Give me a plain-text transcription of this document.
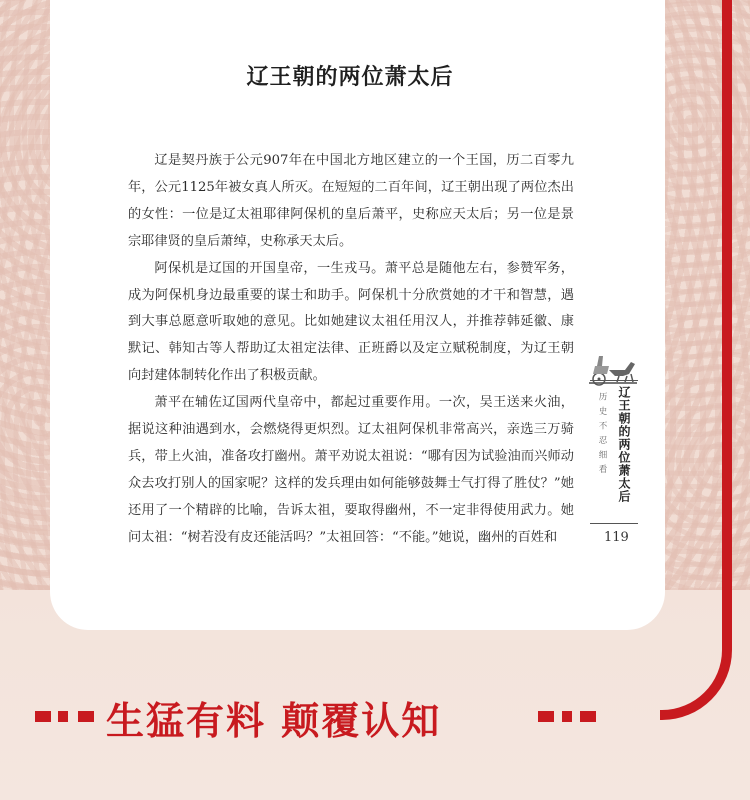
辽王朝的两位萧太后

辽是契丹族于公元907年在中国北方地区建立的一个王国，历二百零九年，公元1125年被女真人所灭。在短短的二百年间，辽王朝出现了两位杰出的女性：一位是辽太祖耶律阿保机的皇后萧平，史称应天太后；另一位是景宗耶律贤的皇后萧绰，史称承天太后。

阿保机是辽国的开国皇帝，一生戎马。萧平总是随他左右，参赞军务，成为阿保机身边最重要的谋士和助手。阿保机十分欣赏她的才干和智慧，遇到大事总愿意听取她的意见。比如她建议太祖任用汉人，并推荐韩延徽、康默记、韩知古等人帮助辽太祖定法律、正班爵以及定立赋税制度，为辽王朝向封建体制转化作出了积极贡献。

萧平在辅佐辽国两代皇帝中，都起过重要作用。一次，吴王送来火油，据说这种油遇到水，会燃烧得更炽烈。辽太祖阿保机非常高兴，亲选三万骑兵，带上火油，准备攻打幽州。萧平劝说太祖说：“哪有因为试验油而兴师动众去攻打别人的国家呢？这样的发兵理由如何能够鼓舞士气打得了胜仗？”她还用了一个精辟的比喻，告诉太祖，要取得幽州，不一定非得使用武力。她问太祖：“树若没有皮还能活吗？”太祖回答：“不能。”她说，幽州的百姓和

历史不忍细看 辽王朝的两位萧太后
119
生猛有料 颠覆认知
